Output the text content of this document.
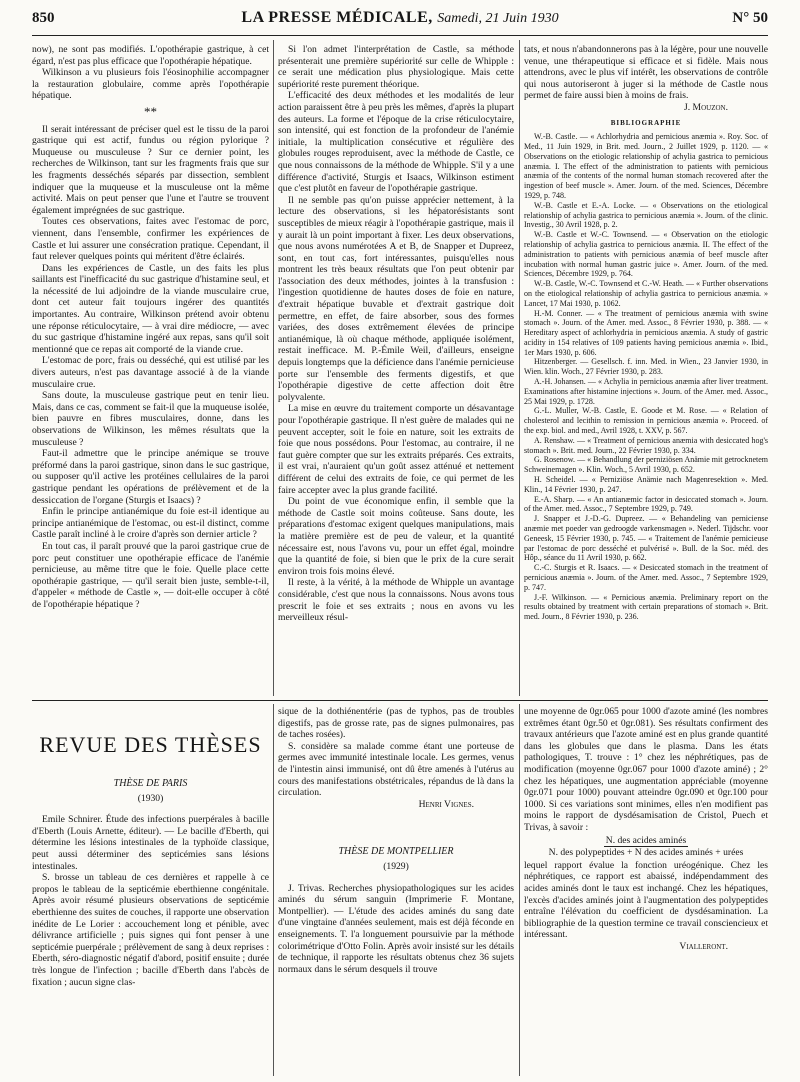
850	LA PRESSE MÉDICALE, Samedi, 21 Juin 1930	N° 50

now), ne sont pas modifiés. L'opothérapie gastrique, à cet égard, n'est pas plus efficace que l'opothérapie hépatique.

Wilkinson a vu plusieurs fois l'éosinophilie accompagner la restauration globulaire, comme après l'opothérapie hépatique.

**

Il serait intéressant de préciser quel est le tissu de la paroi gastrique qui est actif, fundus ou région pylorique ? Muqueuse ou musculeuse ? Sur ce dernier point, les recherches de Wilkinson, tant sur les fragments frais que sur les fragments desséchés séparés par dissection, semblent indiquer que la muqueuse et la musculeuse ont la même activité. Mais on peut penser que l'une et l'autre se trouvent également imprégnées de suc gastrique.

Toutes ces observations, faites avec l'estomac de porc, viennent, dans l'ensemble, confirmer les expériences de Castle et lui assurer une consécration pratique. Cependant, il faut relever quelques points qui méritent d'être éclairés.

Dans les expériences de Castle, un des faits les plus saillants est l'inefficacité du suc gastrique d'histamine seul, et la nécessité de lui adjoindre de la viande musculaire crue, dont cet auteur fait toujours ingérer des quantités importantes. Au contraire, Wilkinson prétend avoir obtenu une réponse réticulocytaire, — à vrai dire médiocre, — avec du suc gastrique d'histamine ingéré aux repas, sans qu'il soit mentionné que ce repas ait comporté de la viande crue.

L'estomac de porc, frais ou desséché, qui est utilisé par les divers auteurs, n'est pas davantage associé à de la viande musculaire crue.

Sans doute, la musculeuse gastrique peut en tenir lieu. Mais, dans ce cas, comment se fait-il que la muqueuse isolée, bien pauvre en fibres musculaires, donne, dans les observations de Wilkinson, les mêmes résultats que la musculeuse ?

Faut-il admettre que le principe anémique se trouve préformé dans la paroi gastrique, sinon dans le suc gastrique, ou supposer qu'il active les protéines cellulaires de la paroi gastrique pendant les opérations de prélèvement et de la dessiccation de l'organe (Sturgis et Isaacs) ?

Enfin le principe antianémique du foie est-il identique au principe antianémique de l'estomac, ou est-il distinct, comme Castle paraît incliné à le croire d'après son dernier article ?

En tout cas, il paraît prouvé que la paroi gastrique crue de porc peut constituer une opothérapie efficace de l'anémie pernicieuse, au même titre que le foie. Quelle place cette opothérapie gastrique, — qu'il serait bien juste, semble-t-il, d'appeler « méthode de Castle », — doit-elle occuper à côté de l'opothérapie hépatique ?

Si l'on admet l'interprétation de Castle, sa méthode présenterait une première supériorité sur celle de Whipple : ce serait une médication plus physiologique. Mais cette supériorité reste purement théorique.

L'efficacité des deux méthodes et les modalités de leur action paraissent être à peu près les mêmes, d'après la plupart des auteurs. La forme et l'époque de la crise réticulocytaire, son intensité, qui est fonction de la profondeur de l'anémie initiale, la multiplication consécutive et régulière des globules rouges reproduisent, avec la méthode de Castle, ce que nous connaissons de la méthode de Whipple. S'il y a une différence d'activité, Sturgis et Isaacs, Wilkinson estiment que c'est plutôt en faveur de l'opothérapie gastrique.

Il ne semble pas qu'on puisse apprécier nettement, à la lecture des observations, si les hépatorésistants sont susceptibles de mieux réagir à l'opothérapie gastrique, mais il y aurait là un point important à fixer. Les deux observations, que nous avons numérotées A et B, de Snapper et Dupreez, sont, en tout cas, fort intéressantes, puisqu'elles nous montrent les très beaux résultats que l'on peut obtenir par l'association des deux méthodes, jointes à la transfusion : l'ingestion quotidienne de hautes doses de foie en nature, d'extrait hépatique buvable et d'extrait gastrique doit permettre, en effet, de faire absorber, sous des formes variées, des doses extrêmement élevées de principe antianémique, là où chaque méthode, appliquée isolément, restait inefficace. M. P.-Émile Weil, d'ailleurs, enseigne depuis longtemps que la déficience dans l'anémie pernicieuse porte sur l'ensemble des ferments digestifs, et que l'opothérapie digestive de cette affection doit être polyvalente.

La mise en œuvre du traitement comporte un désavantage pour l'opothérapie gastrique. Il n'est guère de malades qui ne peuvent accepter, soit le foie en nature, soit les extraits de foie que nous possédons. Pour l'estomac, au contraire, il ne faut guère compter que sur les extraits préparés. Ces extraits, il est vrai, n'auraient qu'un goût assez atténué et nettement différent de celui des extraits de foie, ce qui permet de les faire accepter avec la plus grande facilité.

Du point de vue économique enfin, il semble que la méthode de Castle soit moins coûteuse. Sans doute, les préparations d'estomac exigent quelques manipulations, mais la matière première est de peu de valeur, et la quantité nécessaire est, nous l'avons vu, pour un effet égal, moindre que la quantité de foie, si bien que le prix de la cure serait environ trois fois moins élevé.

Il reste, à la vérité, à la méthode de Whipple un avantage considérable, c'est que nous la connaissons. Nous avons tous prescrit le foie et ses extraits ; nous en avons vu les merveilleux résul-

tats, et nous n'abandonnerons pas à la légère, pour une nouvelle venue, une thérapeutique si efficace et si fidèle. Mais nous attendrons, avec le plus vif intérêt, les observations de contrôle qui nous autoriseront à juger si la méthode de Castle nous permet de faire aussi bien à moins de frais.

J. Mouzon.
BIBLIOGRAPHIE

W.-B. Castle. — « Achlorhydria and pernicious anæmia ». Roy. Soc. of Med., 11 Juin 1929, in Brit. med. Journ., 2 Juillet 1929, p. 1120. — « Observations on the etiologic relationship of achylia gastrica to pernicious anæmia. I. The effect of the administration to patients with pernicious anæmia of the contents of the normal human stomach recovered after the ingestion of beef muscle ». Amer. Journ. of the med. Sciences, Décembre 1929, p. 748.

W.-B. Castle et E.-A. Locke. — « Observations on the etiological relationship of achylia gastrica to pernicious anæmia ». Journ. of the clinic. Investig., 30 Avril 1928, p. 2.

W.-B. Castle et W.-C. Townsend. — « Observation on the etiologic relationship of achylia gastrica to pernicious anæmia. II. The effect of the administration to patients with pernicious anæmia of beef muscle after incubation with normal human gastric juice ». Amer. Journ. of the med. Sciences, Décembre 1929, p. 764.

W.-B. Castle, W.-C. Townsend et C.-W. Heath. — « Further observations on the etiological relationship of achylia gastrica to pernicious anæmia. » Lancet, 17 Mai 1930, p. 1062.

H.-M. Conner. — « The treatment of pernicious anæmia with swine stomach ». Journ. of the Amer. med. Assoc., 8 Février 1930, p. 388. — « Hereditary aspect of achlorhydria in pernicious anæmia. A study of gastric acidity in 154 relatives of 109 patients having pernicious anæmia ». Ibid., 1er Mars 1930, p. 606.

Hitzenberger. — Gesellsch. f. inn. Med. in Wien., 23 Janvier 1930, in Wien. klin. Woch., 27 Février 1930, p. 283.

A.-H. Johansen. — « Achylia in pernicious anæmia after liver treatment. Examinations after histamine injections ». Journ. of the Amer. med. Assoc., 25 Mai 1929, p. 1728.

G.-L. Muller, W.-B. Castle, E. Goode et M. Rose. — « Relation of cholesterol and lecithin to remission in pernicious anæmia ». Proceed. of the exp. biol. and med., Avril 1928, t. XXV, p. 567.

A. Renshaw. — « Treatment of pernicious anæmia with desiccated hog's stomach ». Brit. med. Journ., 22 Février 1930, p. 334.

G. Rosenow. — « Behandlung der perniziösen Anämie mit getrocknetem Schweinemagen ». Klin. Woch., 5 Avril 1930, p. 652.

H. Scheidel. — « Perniziöse Anämie nach Magenresektion ». Med. Klin., 14 Février 1930, p. 247.

E.-A. Sharp. — « An antianæmic factor in desiccated stomach ». Journ. of the Amer. med. Assoc., 7 Septembre 1929, p. 749.

J. Snapper et J.-D.-G. Dupreez. — « Behandeling van perniciense anæmie met poeder van gedroogde varkensmagen ». Nederl. Tijdschr. voor Geneesk, 15 Février 1930, p. 745. — « Traitement de l'anémie pernicieuse par l'estomac de porc desséché et pulvérisé ». Bull. de la Soc. méd. des Hôp., séance du 11 Avril 1930, p. 662.

C.-C. Sturgis et R. Isaacs. — « Desiccated stomach in the treatment of pernicious anæmia ». Journ. of the Amer. med. Assoc., 7 Septembre 1929, p. 747.

J.-F. Wilkinson. — « Pernicious anæmia. Preliminary report on the results obtained by treatment with certain preparations of stomach ». Brit. med. Journ., 8 Février 1930, p. 236.

REVUE DES THÈSES
THÈSE DE PARIS
(1930)

Emile Schnirer. Étude des infections puerpérales à bacille d'Eberth (Louis Arnette, éditeur). — Le bacille d'Eberth, qui détermine les lésions intestinales de la typhoïde classique, peut aussi déterminer des septicémies sans lésions intestinales.

S. brosse un tableau de ces dernières et rappelle à ce propos le tableau de la septicémie eberthienne congénitale. Après avoir résumé plusieurs observations de septicémie eberthienne des suites de couches, il rapporte une observation inédite de Le Lorier : accouchement long et pénible, avec délivrance artificielle ; puis signes qui font penser à une septicémie puerpérale ; prélèvement de sang à deux reprises : Eberth, séro-diagnostic négatif d'abord, positif ensuite ; durée très longue de l'infection ; bacille d'Eberth dans l'abcès de fixation ; aucun signe clas-

sique de la dothiénentérie (pas de typhos, pas de troubles digestifs, pas de grosse rate, pas de signes pulmonaires, pas de taches rosées).

S. considère sa malade comme étant une porteuse de germes avec immunité intestinale locale. Les germes, venus de l'intestin ainsi immunisé, ont dû être amenés à l'utérus au cours des manifestations obstétricales, répandus de là dans la circulation.

Henri Vignes.
THÈSE DE MONTPELLIER
(1929)

J. Trivas. Recherches physiopathologiques sur les acides aminés du sérum sanguin (Imprimerie F. Montane, Montpellier). — L'étude des acides aminés du sang date d'une vingtaine d'années seulement, mais est déjà féconde en enseignements. T. l'a longuement poursuivie par la méthode colorimétrique d'Otto Folin. Après avoir insisté sur les détails de technique, il rapporte les résultats obtenus chez 36 sujets normaux dans le sérum desquels il trouve

une moyenne de 0gr.065 pour 1000 d'azote aminé (les nombres extrêmes étant 0gr.50 et 0gr.081). Ses résultats confirment des travaux antérieurs que l'azote aminé est en plus grande quantité dans les globules que dans le plasma. Dans les états pathologiques, T. trouve : 1° chez les néphrétiques, pas de modification (moyenne 0gr.067 pour 1000 d'azote aminé) ; 2° chez les hépatiques, une augmentation appréciable (moyenne 0gr.071 pour 1000) pouvant atteindre 0gr.090 et 0gr.100 pour 1000. Si ces variations sont minimes, elles n'en modifient pas moins le rapport de dysdésamisation de Cristol, Puech et Trivas, à savoir :

N. des acides aminés
N. des polypeptides + N des acides aminés + urées

lequel rapport évalue la fonction uréogénique. Chez les néphrétiques, ce rapport est abaissé, indépendamment des acides aminés dont le taux est inchangé. Chez les hépatiques, l'excès d'acides aminés joint à l'augmentation des polypeptides entraîne l'élévation du coefficient de dysdésamination. La bibliographie de la question termine ce travail consciencieux et intéressant.

Vialleront.
